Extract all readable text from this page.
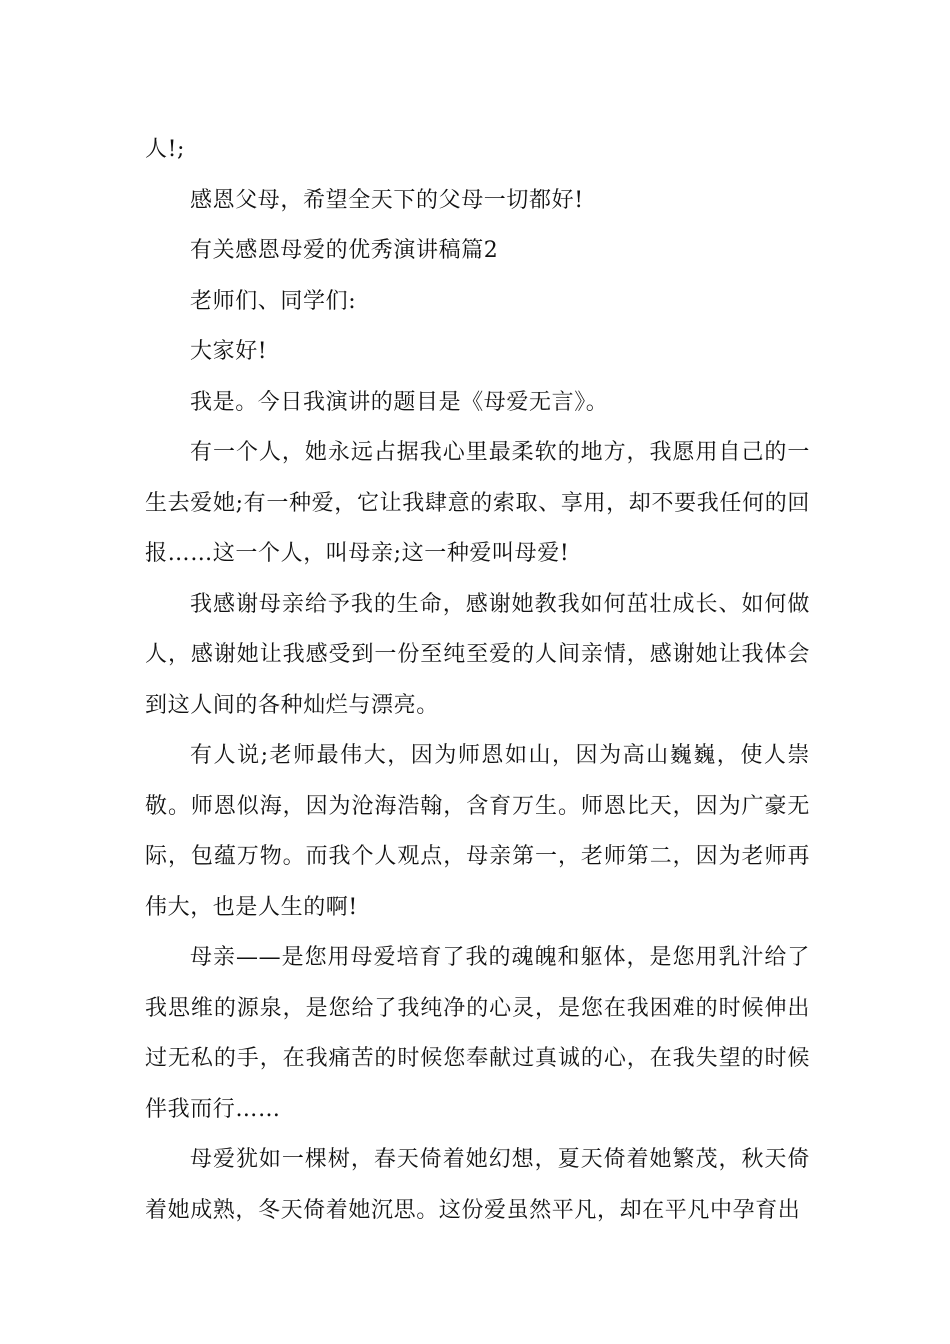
人!;

感恩父母，希望全天下的父母一切都好!

有关感恩母爱的优秀演讲稿篇2

老师们、同学们:

大家好!

我是。今日我演讲的题目是《母爱无言》。

有一个人，她永远占据我心里最柔软的地方，我愿用自己的一生去爱她;有一种爱，它让我肆意的索取、享用，却不要我任何的回报……这一个人，叫母亲;这一种爱叫母爱!

我感谢母亲给予我的生命，感谢她教我如何茁壮成长、如何做人，感谢她让我感受到一份至纯至爱的人间亲情，感谢她让我体会到这人间的各种灿烂与漂亮。

有人说;老师最伟大，因为师恩如山，因为高山巍巍，使人崇敬。师恩似海，因为沧海浩翰，含育万生。师恩比天，因为广豪无际，包蕴万物。而我个人观点，母亲第一，老师第二，因为老师再伟大，也是人生的啊!

母亲——是您用母爱培育了我的魂魄和躯体，是您用乳汁给了我思维的源泉，是您给了我纯净的心灵，是您在我困难的时候伸出过无私的手，在我痛苦的时候您奉献过真诚的心，在我失望的时候伴我而行……

母爱犹如一棵树，春天倚着她幻想，夏天倚着她繁茂，秋天倚着她成熟，冬天倚着她沉思。这份爱虽然平凡，却在平凡中孕育出
